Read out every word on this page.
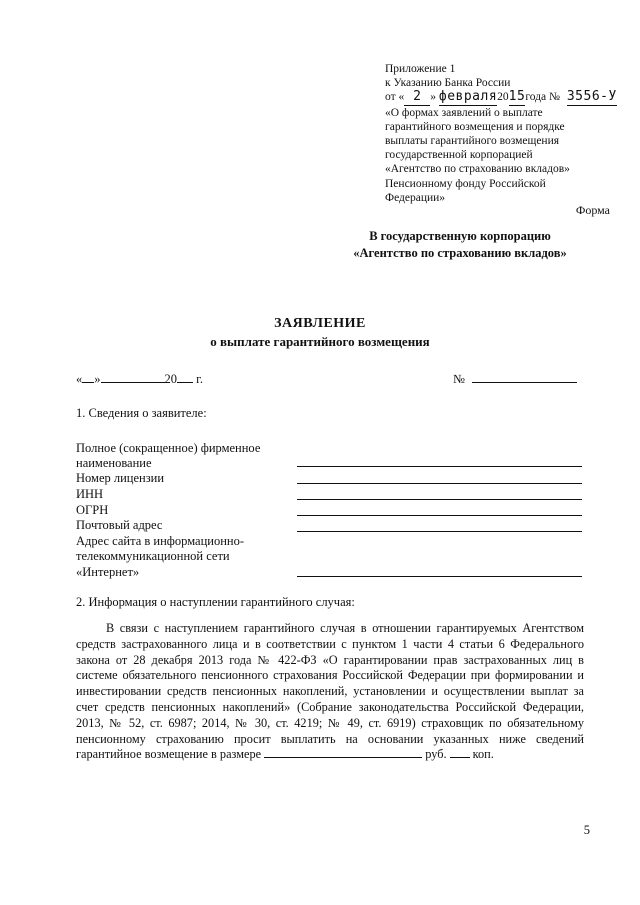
Приложение 1
к Указанию Банка России
от « 2 » февраля2015года № 3556-У
«О формах заявлений о выплате
гарантийного возмещения и порядке
выплаты гарантийного возмещения
государственной корпорацией
«Агентство по страхованию вкладов»
Пенсионному фонду Российской
Федерации»
Форма
В государственную корпорацию
«Агентство по страхованию вкладов»
ЗАЯВЛЕНИЕ
о выплате гарантийного возмещения
« »	20 г.	№
1. Сведения о заявителе:
Полное (сокращенное) фирменное
наименование
Номер лицензии
ИНН
ОГРН
Почтовый адрес
Адрес сайта в информационно-
телекоммуникационной сети
«Интернет»
2. Информация о наступлении гарантийного случая:
В связи с наступлением гарантийного случая в отношении гарантируемых Агентством средств застрахованного лица и в соответствии с пунктом 1 части 4 статьи 6 Федерального закона от 28 декабря 2013 года № 422-ФЗ «О гарантировании прав застрахованных лиц в системе обязательного пенсионного страхования Российской Федерации при формировании и инвестировании средств пенсионных накоплений, установлении и осуществлении выплат за счет средств пенсионных накоплений» (Собрание законодательства Российской Федерации, 2013, № 52, ст. 6987; 2014, № 30, ст. 4219; № 49, ст. 6919) страховщик по обязательному пенсионному страхованию просит выплатить на основании указанных ниже сведений гарантийное возмещение в размере	руб.  коп.
5
